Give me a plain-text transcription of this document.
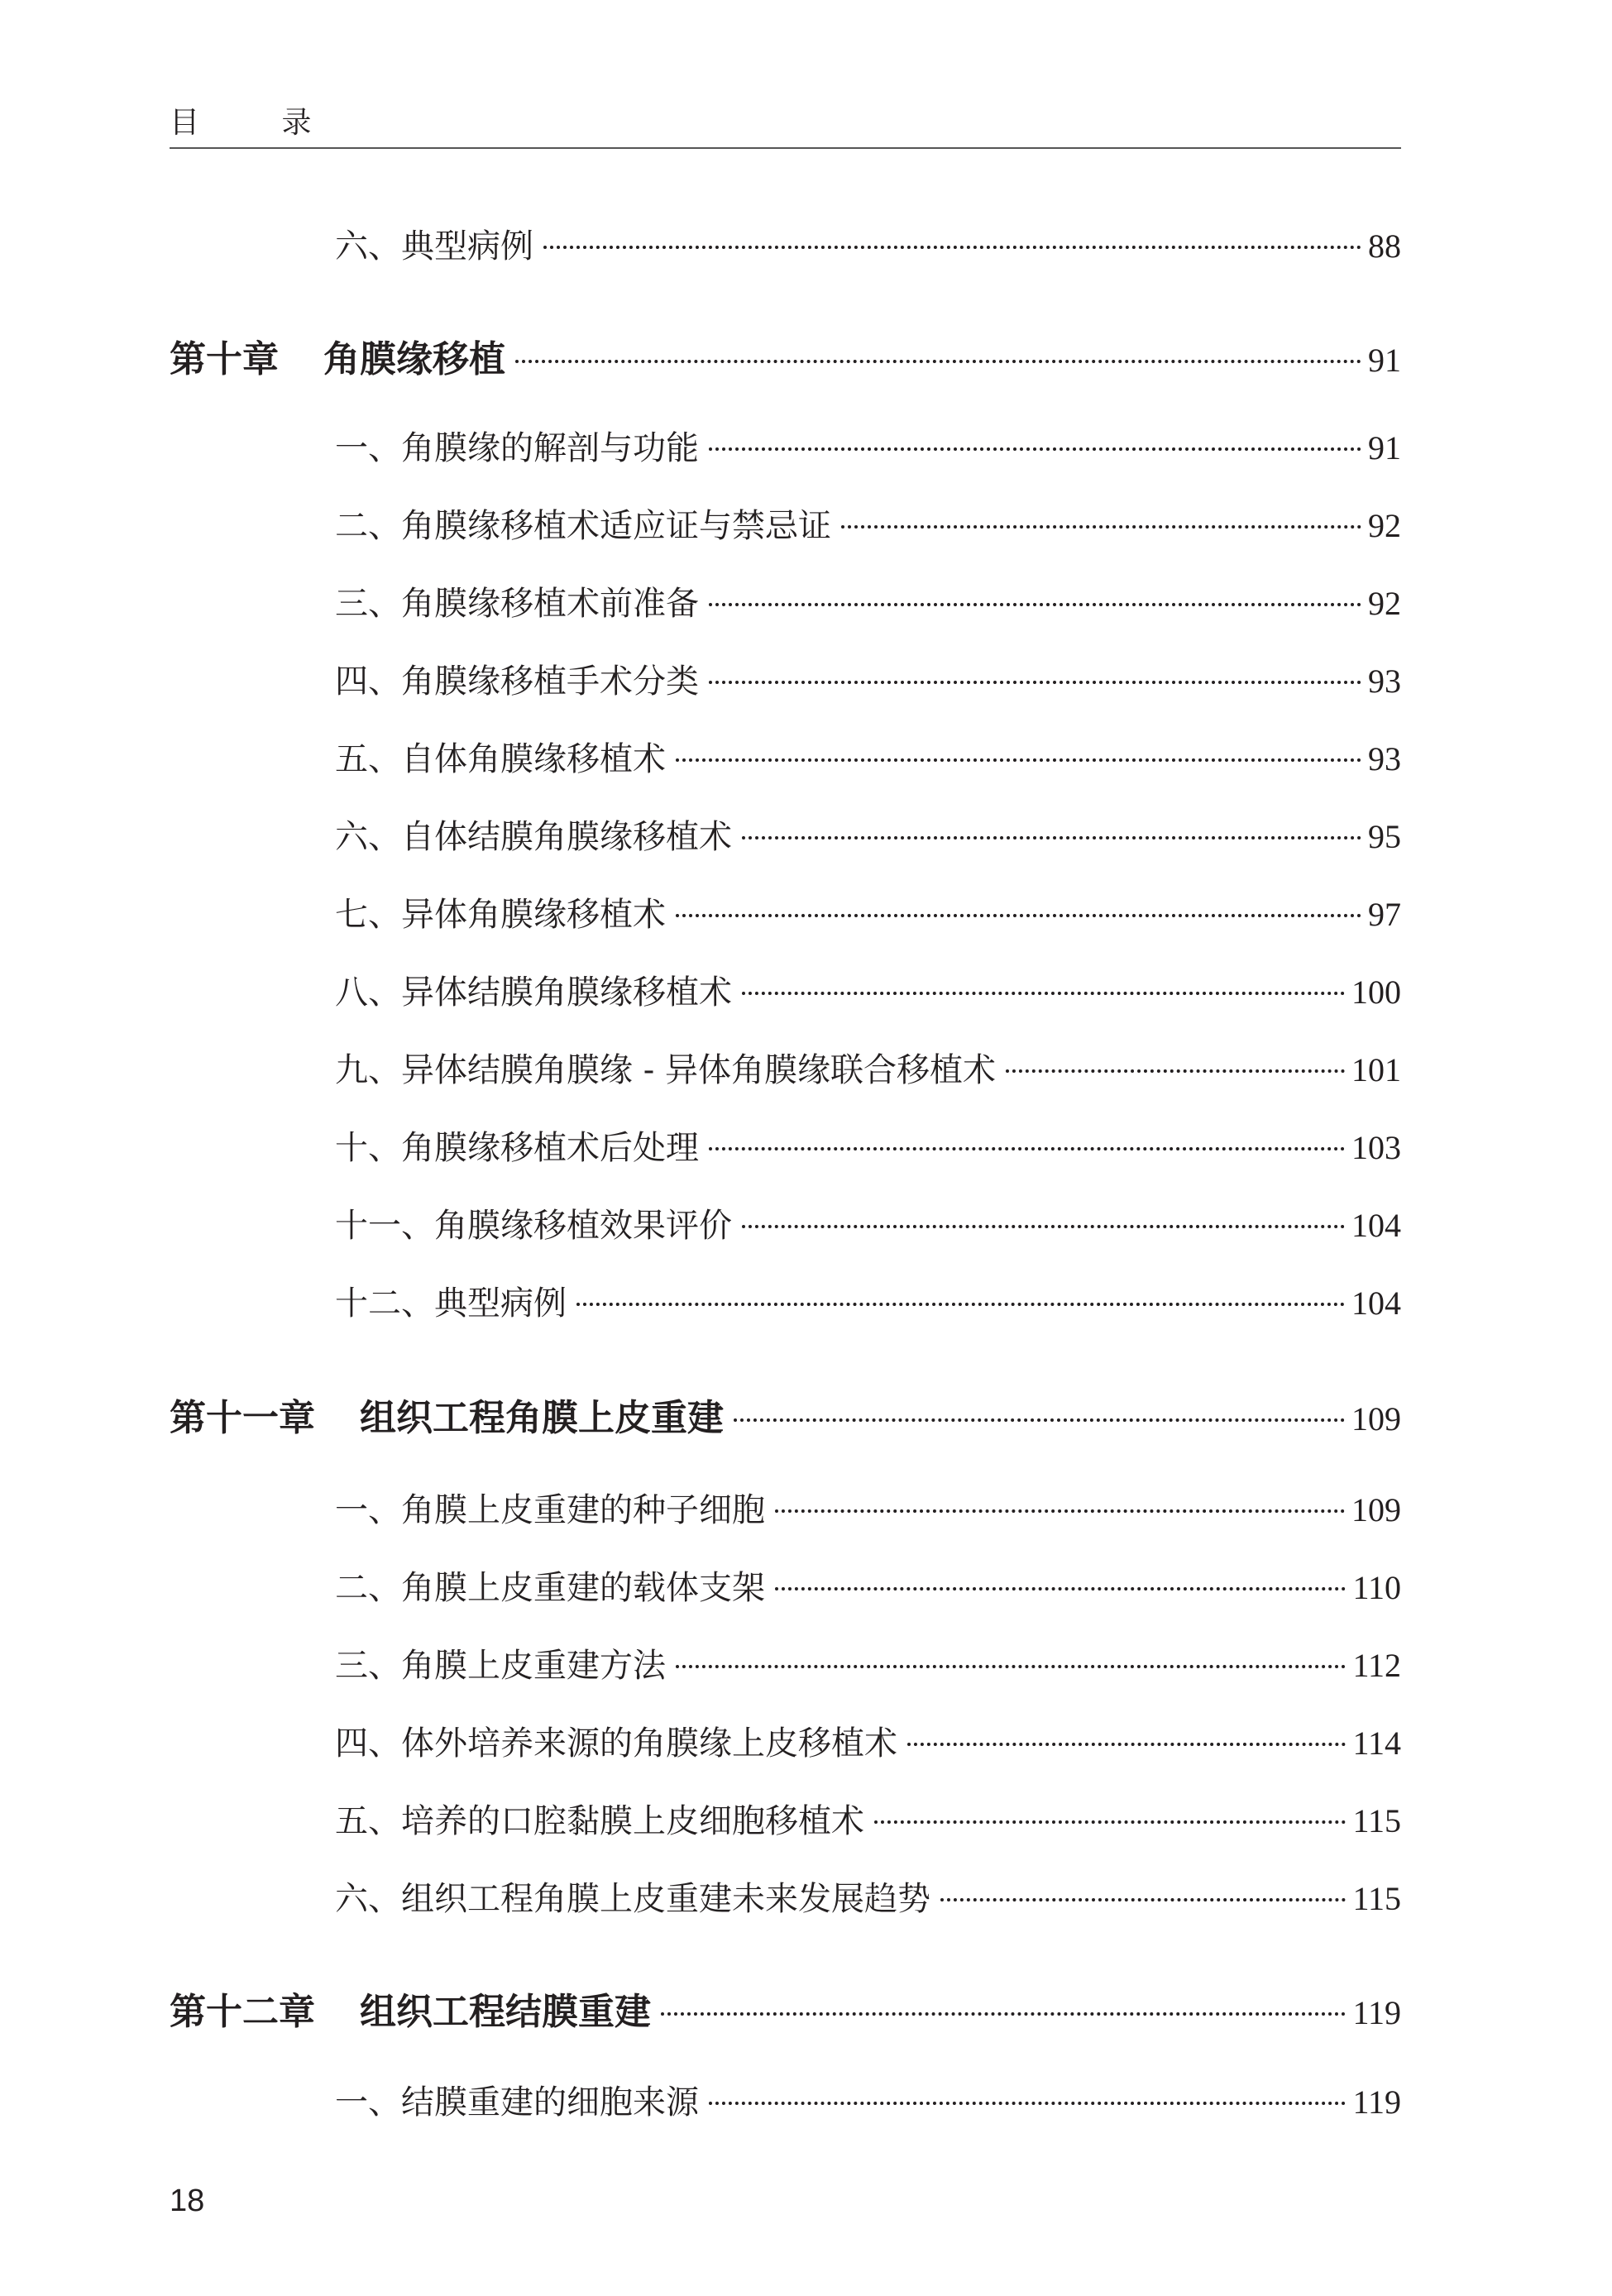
目 录
六、典型病例	88
第十章 角膜缘移植	91
一、角膜缘的解剖与功能	91
二、角膜缘移植术适应证与禁忌证	92
三、角膜缘移植术前准备	92
四、角膜缘移植手术分类	93
五、自体角膜缘移植术	93
六、自体结膜角膜缘移植术	95
七、异体角膜缘移植术	97
八、异体结膜角膜缘移植术	100
九、异体结膜角膜缘 - 异体角膜缘联合移植术	101
十、角膜缘移植术后处理	103
十一、角膜缘移植效果评价	104
十二、典型病例	104
第十一章 组织工程角膜上皮重建	109
一、角膜上皮重建的种子细胞	109
二、角膜上皮重建的载体支架	110
三、角膜上皮重建方法	112
四、体外培养来源的角膜缘上皮移植术	114
五、培养的口腔黏膜上皮细胞移植术	115
六、组织工程角膜上皮重建未来发展趋势	115
第十二章 组织工程结膜重建	119
一、结膜重建的细胞来源	119
18
